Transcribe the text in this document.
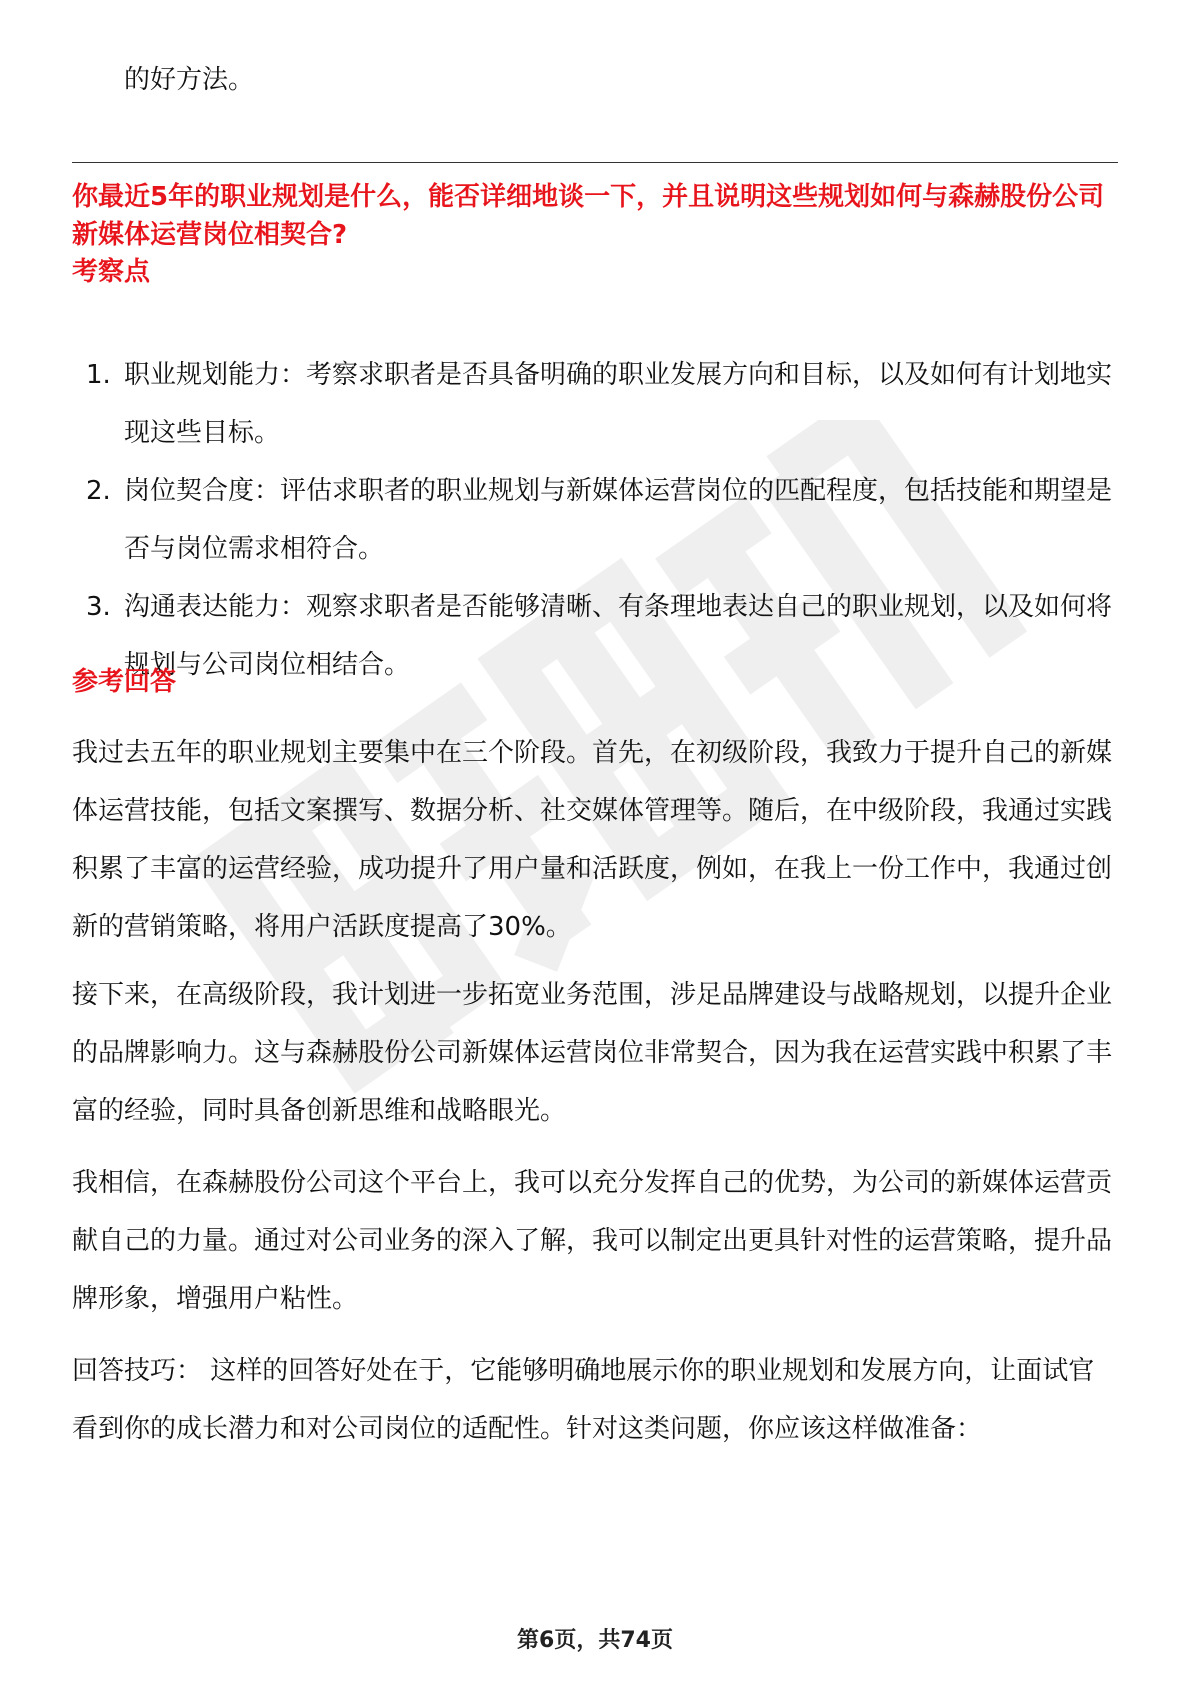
的好方法。

你最近5年的职业规划是什么，能否详细地谈一下，并且说明这些规划如何与森赫股份公司新媒体运营岗位相契合?
考察点
1. 职业规划能力：考察求职者是否具备明确的职业发展方向和目标，以及如何有计划地实现这些目标。
2. 岗位契合度：评估求职者的职业规划与新媒体运营岗位的匹配程度，包括技能和期望是否与岗位需求相符合。
3. 沟通表达能力：观察求职者是否能够清晰、有条理地表达自己的职业规划，以及如何将规划与公司岗位相结合。
参考回答

我过去五年的职业规划主要集中在三个阶段。首先，在初级阶段，我致力于提升自己的新媒体运营技能，包括文案撰写、数据分析、社交媒体管理等。随后，在中级阶段，我通过实践积累了丰富的运营经验，成功提升了用户量和活跃度，例如，在我上一份工作中，我通过创新的营销策略，将用户活跃度提高了30%。

接下来，在高级阶段，我计划进一步拓宽业务范围，涉足品牌建设与战略规划，以提升企业的品牌影响力。这与森赫股份公司新媒体运营岗位非常契合，因为我在运营实践中积累了丰富的经验，同时具备创新思维和战略眼光。

我相信，在森赫股份公司这个平台上，我可以充分发挥自己的优势，为公司的新媒体运营贡献自己的力量。通过对公司业务的深入了解，我可以制定出更具针对性的运营策略，提升品牌形象，增强用户粘性。

回答技巧： 这样的回答好处在于，它能够明确地展示你的职业规划和发展方向，让面试官看到你的成长潜力和对公司岗位的适配性。针对这类问题，你应该这样做准备：

第6页，共74页
